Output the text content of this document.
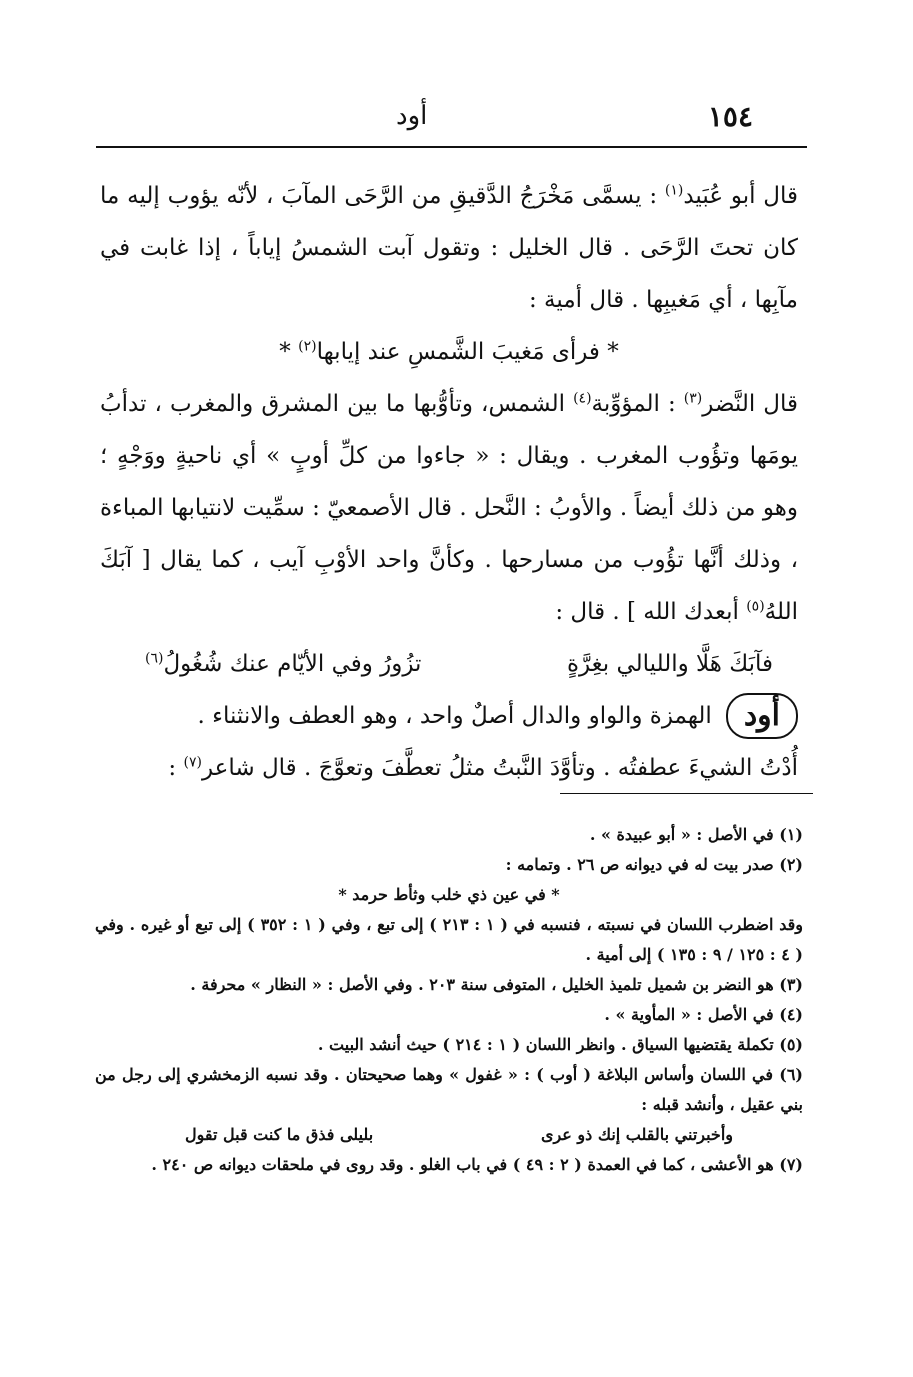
١٥٤
أود

قال أبو عُبَيد$^{(١)}$ : يسمَّى مَخْرَجُ الدَّقيقِ من الرَّحَى المآبَ ، لأنّه يؤوب إليه ما كان تحتَ الرَّحَى . قال الخليل : وتقول آبت الشمسُ إياباً ، إذا غابت في مآبِها ، أي مَغيبِها . قال أمية :

* فرأى مَغيبَ الشَّمسِ عند إيابها$^{(٢)}$ *

قال النَّضر$^{(٣)}$ : المؤوِّبة$^{(٤)}$ الشمس، وتأوُّبها ما بين المشرق والمغرب ، تدأبُ يومَها وتؤُوب المغرب . ويقال : « جاءوا من كلِّ أوبٍ » أي ناحيةٍ ووَجْهٍ ؛ وهو من ذلك أيضاً . والأوبُ : النَّحل . قال الأصمعيّ : سمِّيت لانتيابها المباءة ، وذلك أنَّها تؤُوب من مسارحها . وكأنَّ واحد الأوْبِ آيب ، كما يقال [ آبَكَ اللهُ$^{(٥)}$ أبعدك الله ] . قال :

فآبَكَ هَلَّا والليالي بغِرَّةٍ
تزُورُ وفي الأيّام عنك شُغُولُ$^{(٦)}$

أود
الهمزة والواو والدال أصلٌ واحد ، وهو العطف والانثناء .

أُدْتُ الشيءَ عطفتُه . وتأوَّدَ النَّبتُ مثلُ تعطَّفَ وتعوَّجَ . قال شاعر$^{(٧)}$ :

(١) في الأصل : « أبو عبيدة » .

(٢) صدر بيت له في ديوانه ص ٢٦ . وتمامه :

* في عين ذي خلب وثأط حرمد *

وقد اضطرب اللسان في نسبته ، فنسبه في ( ١ : ٢١٣ ) إلى تبع ، وفي ( ١ : ٣٥٢ ) إلى تبع أو غيره . وفي ( ٤ : ١٢٥ / ٩ : ١٣٥ ) إلى أمية .

(٣) هو النضر بن شميل تلميذ الخليل ، المتوفى سنة ٢٠٣ . وفي الأصل : « النظار » محرفة .

(٤) في الأصل : « المأوية » .

(٥) تكملة يقتضيها السياق . وانظر اللسان ( ١ : ٢١٤ ) حيث أنشد البيت .

(٦) في اللسان وأساس البلاغة ( أوب ) : « غفول » وهما صحيحتان . وقد نسبه الزمخشري إلى رجل من بني عقيل ، وأنشد قبله :

وأخبرتني بالقلب إنك ذو عرى
بليلى فذق ما كنت قبل تقول

(٧) هو الأعشى ، كما في العمدة ( ٢ : ٤٩ ) في باب الغلو . وقد روى في ملحقات ديوانه ص ٢٤٠ .
